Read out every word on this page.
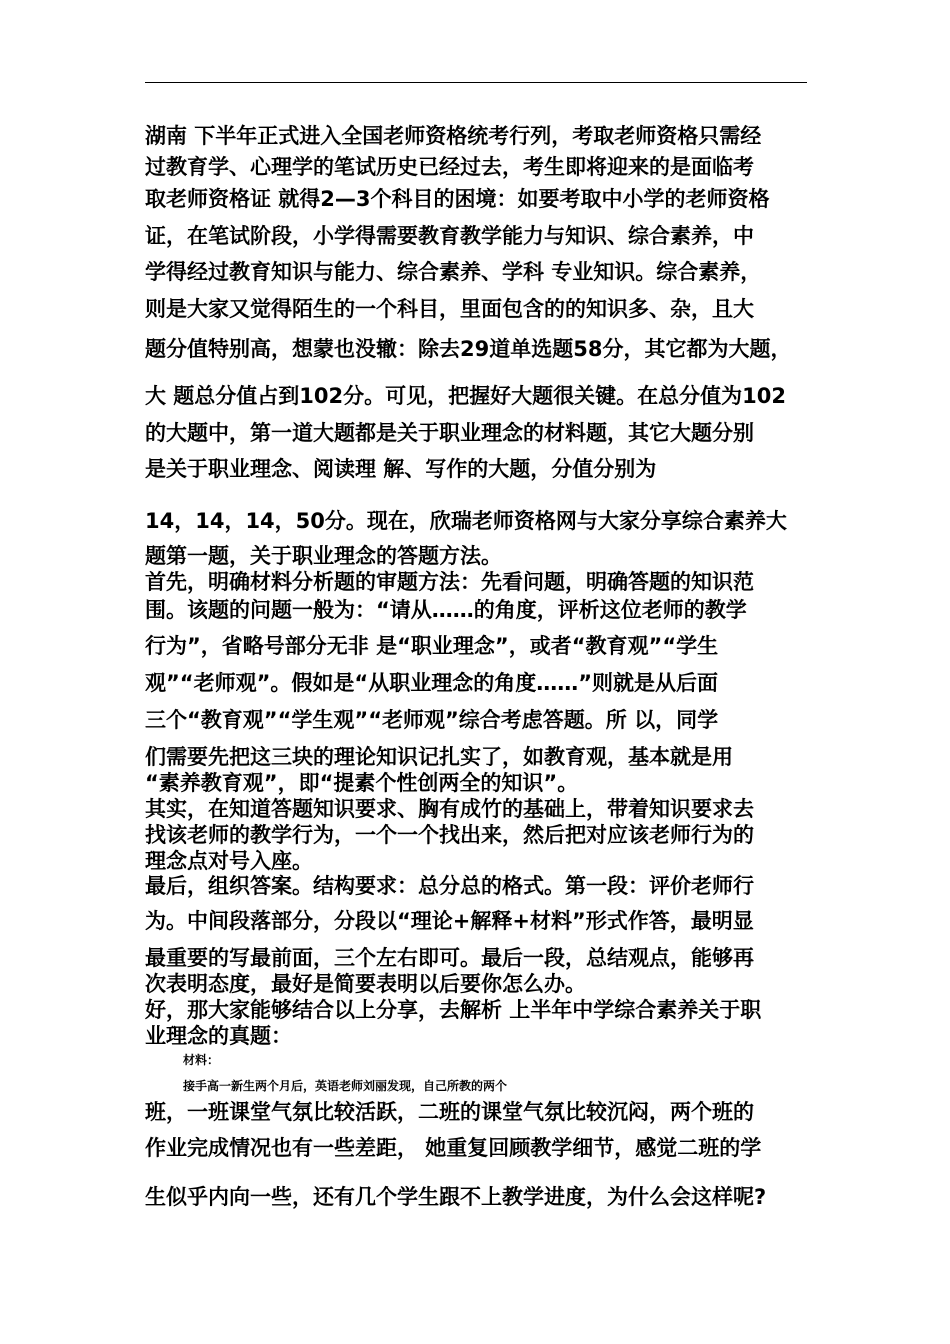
湖南 下半年正式进入全国老师资格统考行列，考取老师资格只需经
过教育学、心理学的笔试历史已经过去，考生即将迎来的是面临考
取老师资格证 就得2—3个科目的困境：如要考取中小学的老师资格
证，在笔试阶段，小学得需要教育教学能力与知识、综合素养，中
学得经过教育知识与能力、综合素养、学科 专业知识。综合素养，
则是大家又觉得陌生的一个科目，里面包含的的知识多、杂，且大
题分值特别高，想蒙也没辙：除去29道单选题58分，其它都为大题，
大 题总分值占到102分。可见，把握好大题很关键。在总分值为102
的大题中，第一道大题都是关于职业理念的材料题，其它大题分别
是关于职业理念、阅读理 解、写作的大题，分值分别为
14，14，14，50分。现在，欣瑞老师资格网与大家分享综合素养大
题第一题，关于职业理念的答题方法。
首先，明确材料分析题的审题方法：先看问题，明确答题的知识范
围。该题的问题一般为：“请从……的角度，评析这位老师的教学
行为”，省略号部分无非 是“职业理念”，或者“教育观”“学生
观”“老师观”。假如是“从职业理念的角度……”则就是从后面
三个“教育观”“学生观”“老师观”综合考虑答题。所 以，同学
们需要先把这三块的理论知识记扎实了，如教育观，基本就是用
“素养教育观”，即“提素个性创两全的知识”。
其实，在知道答题知识要求、胸有成竹的基础上，带着知识要求去
找该老师的教学行为，一个一个找出来，然后把对应该老师行为的
理念点对号入座。
最后，组织答案。结构要求：总分总的格式。第一段：评价老师行
为。中间段落部分，分段以“理论+解释+材料”形式作答，最明显
最重要的写最前面，三个左右即可。最后一段，总结观点，能够再
次表明态度，最好是简要表明以后要你怎么办。
好，那大家能够结合以上分享，去解析 上半年中学综合素养关于职
业理念的真题：
材料：
接手高一新生两个月后，英语老师刘丽发现，自己所教的两个
班，一班课堂气氛比较活跃，二班的课堂气氛比较沉闷，两个班的
作业完成情况也有一些差距， 她重复回顾教学细节，感觉二班的学
生似乎内向一些，还有几个学生跟不上教学进度，为什么会这样呢?
